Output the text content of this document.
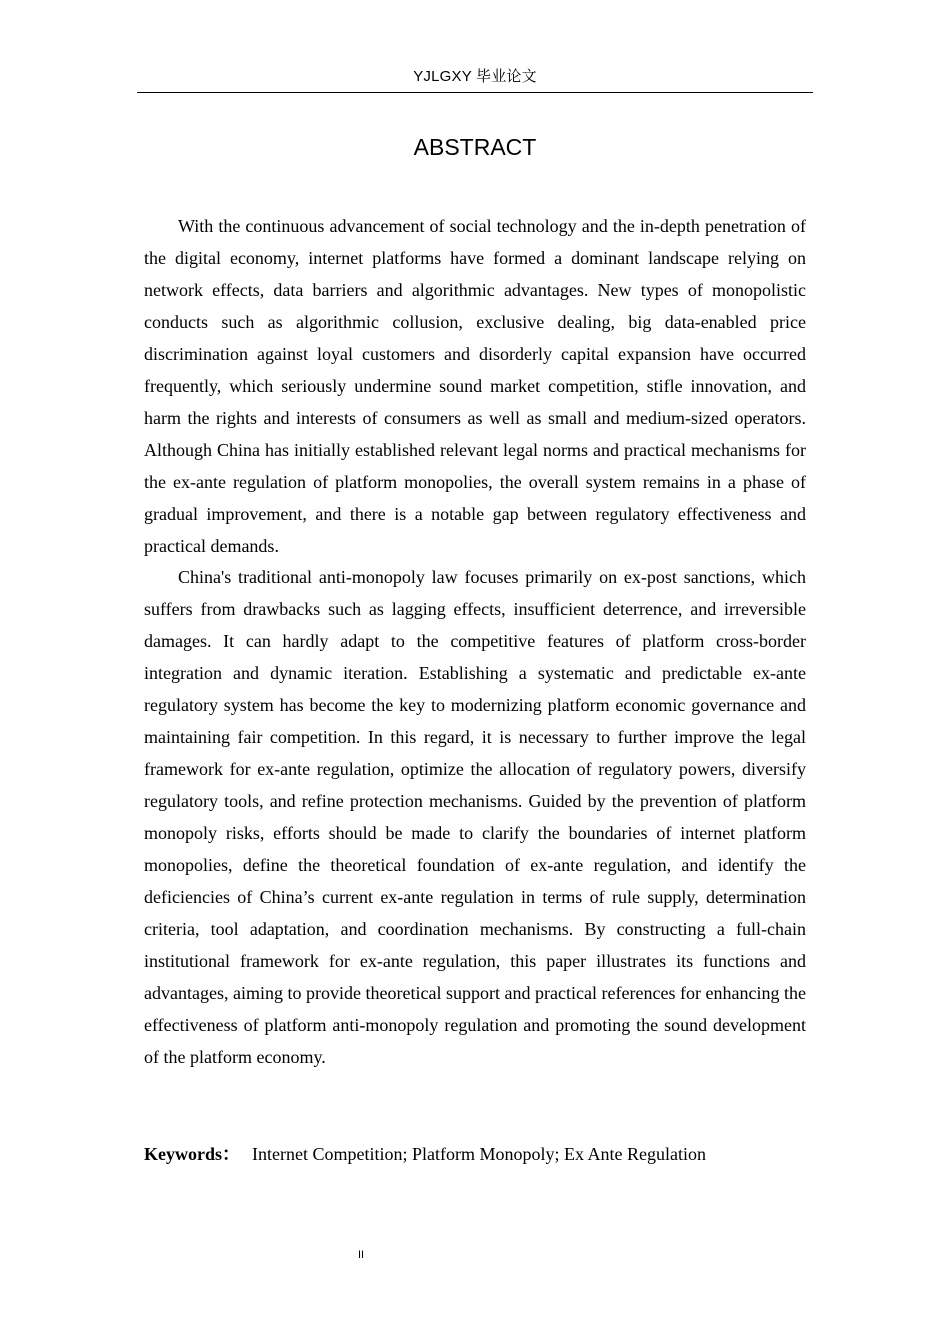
YJLGXY 毕业论文
ABSTRACT

With the continuous advancement of social technology and the in-depth penetration of the digital economy, internet platforms have formed a dominant landscape relying on network effects, data barriers and algorithmic advantages. New types of monopolistic conducts such as algorithmic collusion, exclusive dealing, big data-enabled price discrimination against loyal customers and disorderly capital expansion have occurred frequently, which seriously undermine sound market competition, stifle innovation, and harm the rights and interests of consumers as well as small and medium-sized operators. Although China has initially established relevant legal norms and practical mechanisms for the ex-ante regulation of platform monopolies, the overall system remains in a phase of gradual improvement, and there is a notable gap between regulatory effectiveness and practical demands.

China's traditional anti-monopoly law focuses primarily on ex-post sanctions, which suffers from drawbacks such as lagging effects, insufficient deterrence, and irreversible damages. It can hardly adapt to the competitive features of platform cross-border integration and dynamic iteration. Establishing a systematic and predictable ex-ante regulatory system has become the key to modernizing platform economic governance and maintaining fair competition. In this regard, it is necessary to further improve the legal framework for ex-ante regulation, optimize the allocation of regulatory powers, diversify regulatory tools, and refine protection mechanisms. Guided by the prevention of platform monopoly risks, efforts should be made to clarify the boundaries of internet platform monopolies, define the theoretical foundation of ex-ante regulation, and identify the deficiencies of China’s current ex-ante regulation in terms of rule supply, determination criteria, tool adaptation, and coordination mechanisms. By constructing a full-chain institutional framework for ex-ante regulation, this paper illustrates its functions and advantages, aiming to provide theoretical support and practical references for enhancing the effectiveness of platform anti-monopoly regulation and promoting the sound development of the platform economy.

Keywords： Internet Competition; Platform Monopoly; Ex Ante Regulation
II
